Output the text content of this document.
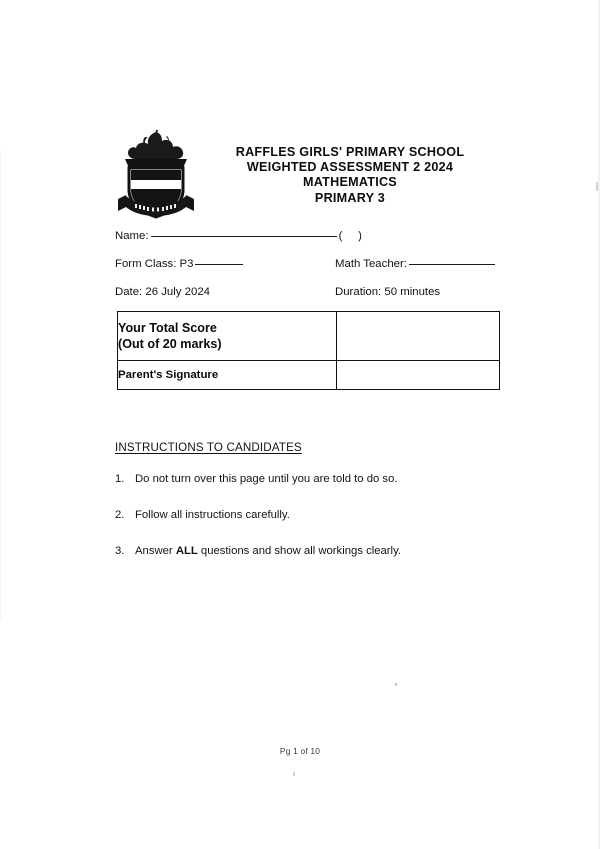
RAFFLES GIRLS' PRIMARY SCHOOL
WEIGHTED ASSESSMENT 2 2024
MATHEMATICS
PRIMARY 3
Name:	(     )
Form Class: P3	Math Teacher:
Date: 26 July 2024	Duration: 50 minutes
Your Total Score
(Out of 20 marks)	

Parent's Signature	
INSTRUCTIONS TO CANDIDATES
1. Do not turn over this page until you are told to do so.
2. Follow all instructions carefully.
3. Answer ALL questions and show all workings clearly.
Pg 1 of 10
